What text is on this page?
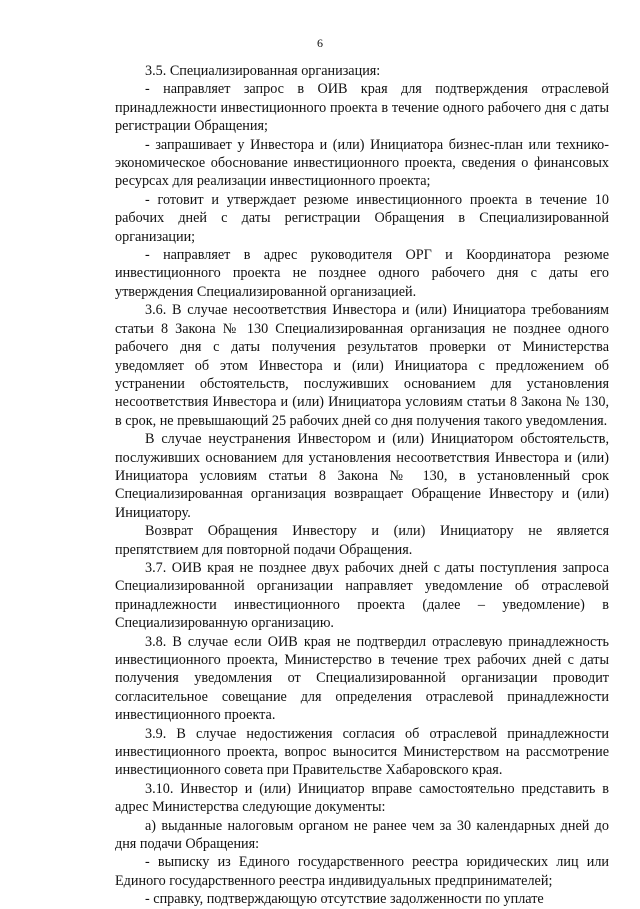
6

3.5. Специализированная организация:

- направляет запрос в ОИВ края для подтверждения отраслевой принадлежности инвестиционного проекта в течение одного рабочего дня с даты регистрации Обращения;

- запрашивает у Инвестора и (или) Инициатора бизнес-план или технико-экономическое обоснование инвестиционного проекта, сведения о финансовых ресурсах для реализации инвестиционного проекта;

- готовит и утверждает резюме инвестиционного проекта в течение 10 рабочих дней с даты регистрации Обращения в Специализированной организации;

- направляет в адрес руководителя ОРГ и Координатора резюме инвестиционного проекта не позднее одного рабочего дня с даты его утверждения Специализированной организацией.

3.6. В случае несоответствия Инвестора и (или) Инициатора требованиям статьи 8 Закона № 130 Специализированная организация не позднее одного рабочего дня с даты получения результатов проверки от Министерства уведомляет об этом Инвестора и (или) Инициатора с предложением об устранении обстоятельств, послуживших основанием для установления несоответствия Инвестора и (или) Инициатора условиям статьи 8 Закона № 130, в срок, не превышающий 25 рабочих дней со дня получения такого уведомления.

В случае неустранения Инвестором и (или) Инициатором обстоятельств, послуживших основанием для установления несоответствия Инвестора и (или) Инициатора условиям статьи 8 Закона № 130, в установленный срок Специализированная организация возвращает Обращение Инвестору и (или) Инициатору.

Возврат Обращения Инвестору и (или) Инициатору не является препятствием для повторной подачи Обращения.

3.7. ОИВ края не позднее двух рабочих дней с даты поступления запроса Специализированной организации направляет уведомление об отраслевой принадлежности инвестиционного проекта (далее – уведомление) в Специализированную организацию.

3.8. В случае если ОИВ края не подтвердил отраслевую принадлежность инвестиционного проекта, Министерство в течение трех рабочих дней с даты получения уведомления от Специализированной организации проводит согласительное совещание для определения отраслевой принадлежности инвестиционного проекта.

3.9. В случае недостижения согласия об отраслевой принадлежности инвестиционного проекта, вопрос выносится Министерством на рассмотрение инвестиционного совета при Правительстве Хабаровского края.

3.10. Инвестор и (или) Инициатор вправе самостоятельно представить в адрес Министерства следующие документы:

а) выданные налоговым органом не ранее чем за 30 календарных дней до дня подачи Обращения:

- выписку из Единого государственного реестра юридических лиц или Единого государственного реестра индивидуальных предпринимателей;

- справку, подтверждающую отсутствие задолженности по уплате
